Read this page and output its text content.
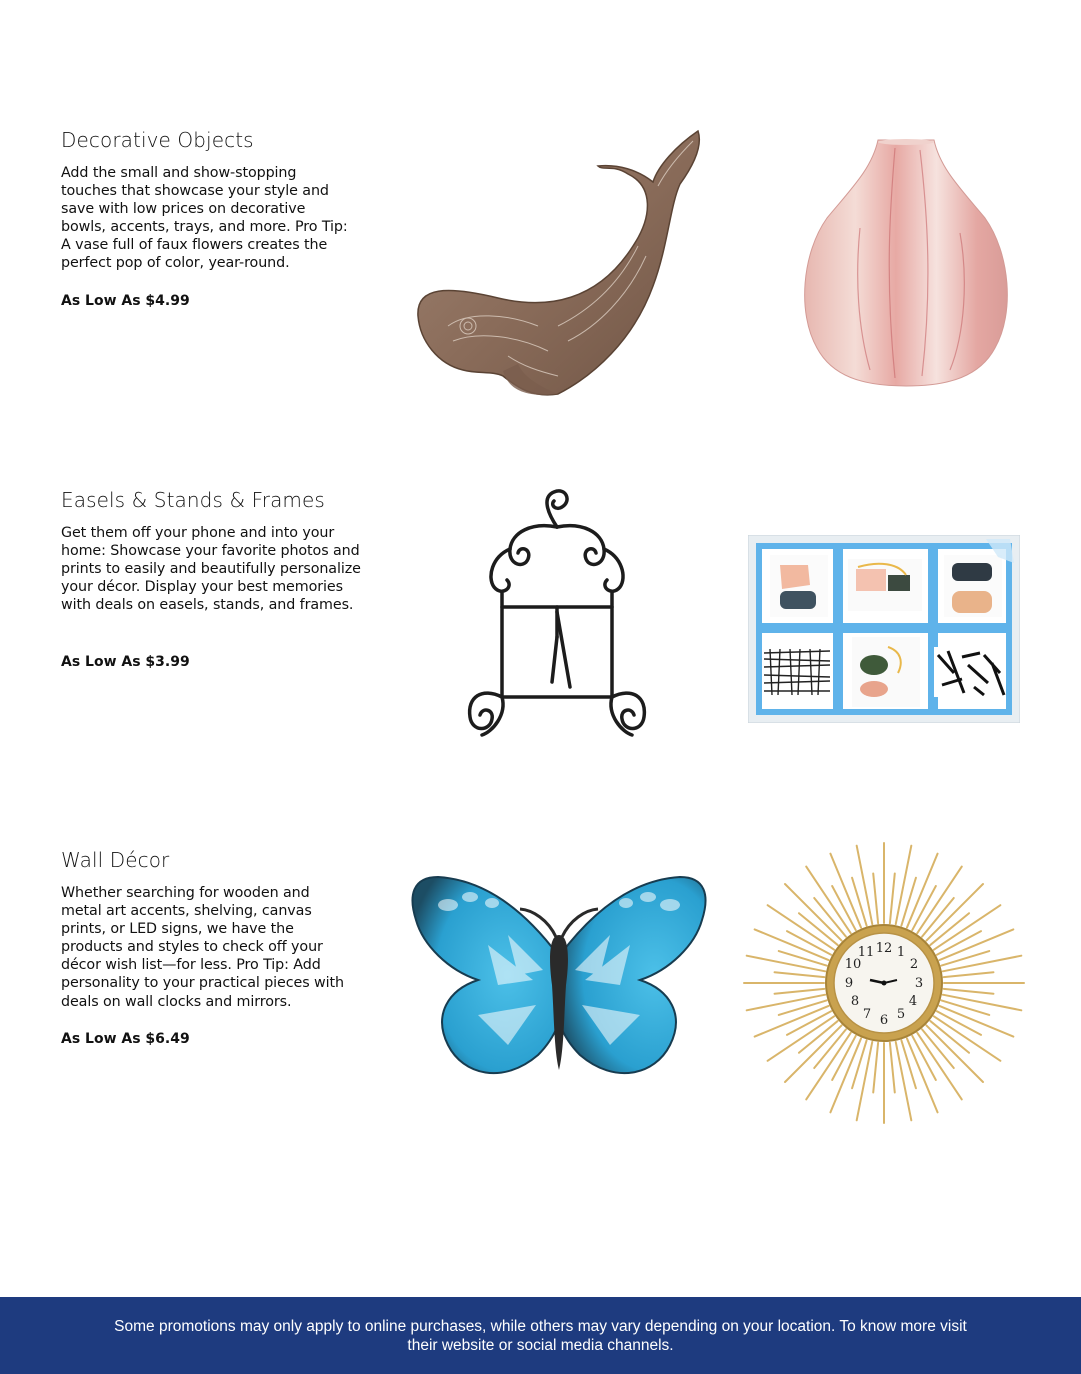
Decorative Objects

Add the small and show-stopping touches that showcase your style and save with low prices on decorative bowls, accents, trays, and more. Pro Tip: A vase full of faux flowers creates the perfect pop of color, year-round.

As Low As $4.99
Easels & Stands & Frames

Get them off your phone and into your home: Showcase your favorite photos and prints to easily and beautifully personalize your décor. Display your best memories with deals on easels, stands, and frames.

As Low As $3.99
Wall Décor

Whether searching for wooden and metal art accents, shelving, canvas prints, or LED signs, we have the products and styles to check off your décor wish list—for less. Pro Tip: Add personality to your practical pieces with deals on wall clocks and mirrors.

As Low As $6.49
12 1
2
3
4
5
6
7
8
9
10
11

Some promotions may only apply to online purchases, while others may vary depending on your location. To know more visit their website or social media channels.
